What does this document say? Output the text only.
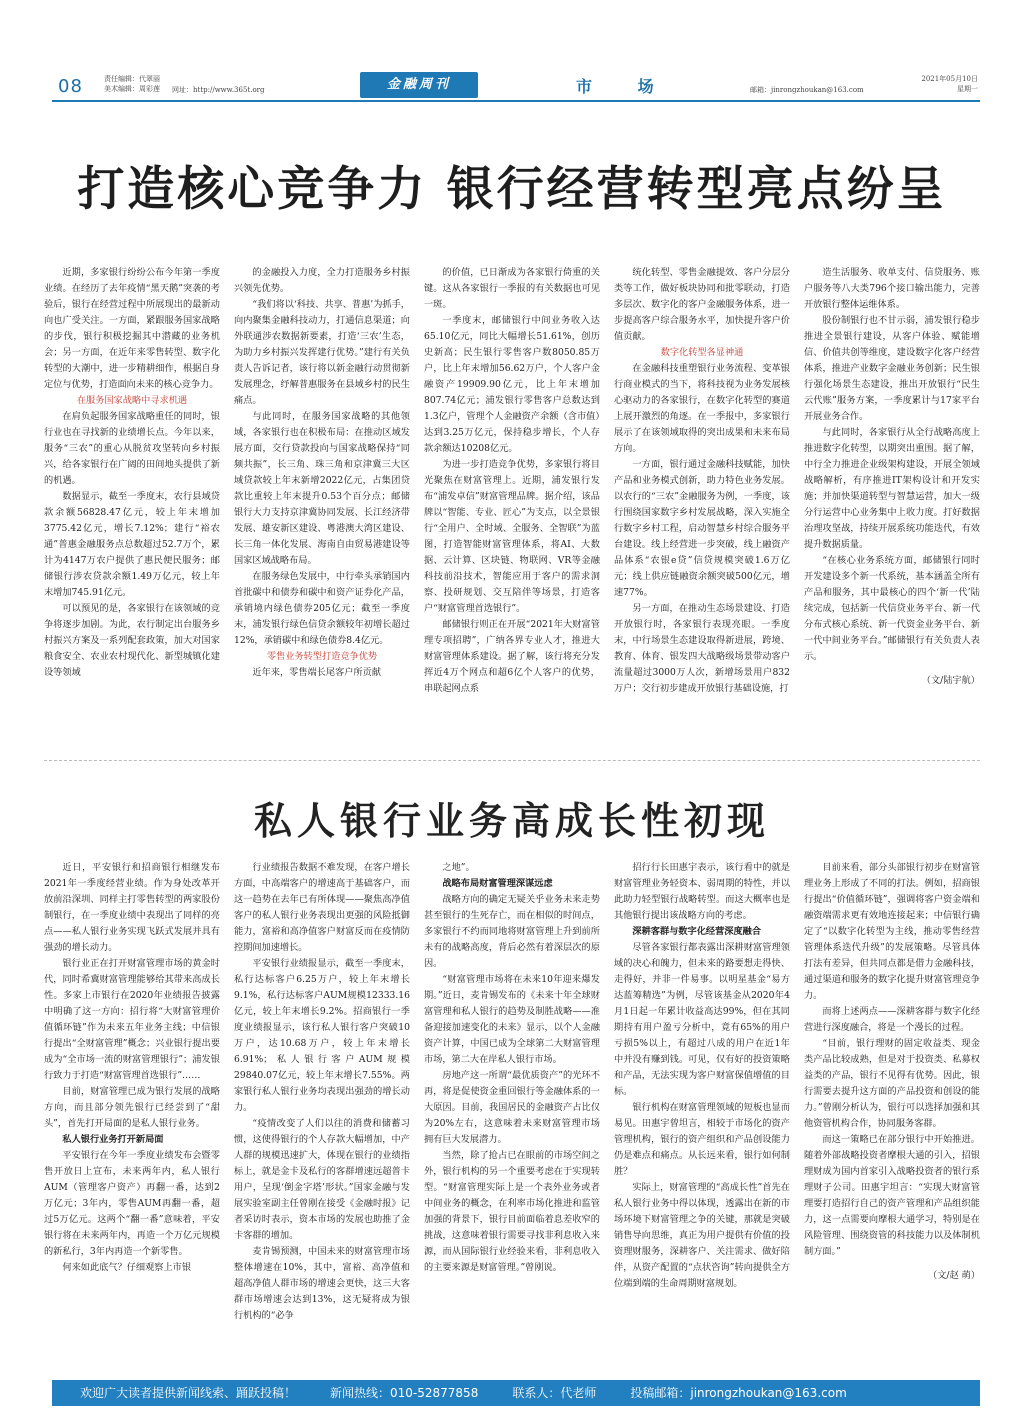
08	责任编辑：代翠丽
美术编辑：周彩莲 网址：http://www.365t.org	金融周刊	市 场	邮箱：jinrongzhoukan@163.com
2021年05月10日
星期一
打造核心竞争力 银行经营转型亮点纷呈

近期，多家银行纷纷公布今年第一季度业绩。在经历了去年疫情“黑天鹅”突袭的考验后，银行在经营过程中所展现出的最新动向也广受关注。一方面，紧跟服务国家战略的步伐，银行积极挖掘其中潜藏的业务机会；另一方面，在近年来零售转型、数字化转型的大潮中，进一步精耕细作，根据自身定位与优势，打造面向未来的核心竞争力。

在服务国家战略中寻求机遇

在肩负起服务国家战略重任的同时，银行业也在寻找新的业绩增长点。今年以来，服务“三农”的重心从脱贫攻坚转向乡村振兴，给各家银行在广阔的田间地头提供了新的机遇。

数据显示，截至一季度末，农行县域贷款余额56828.47亿元，较上年末增加3775.42亿元，增长7.12%；建行“裕农通”普惠金融服务点总数超过52.7万个，累计为4147万农户提供了惠民便民服务；邮储银行涉农贷款余额1.49万亿元，较上年末增加745.91亿元。

可以预见的是，各家银行在该领域的竞争将逐步加剧。为此，农行制定出台服务乡村振兴方案及一系列配套政策，加大对国家粮食安全、农业农村现代化、新型城镇化建设等领域

的金融投入力度，全力打造服务乡村振兴领先优势。

“我们将以‘科技、共享、普惠’为抓手，向内聚集金融科技动力，打通信息渠道；向外联通涉农数据新要素，打造‘三农’生态，为助力乡村振兴发挥建行优势。”建行有关负责人告诉记者，该行将以新金融行动贯彻新发展理念，纾解普惠服务在县域乡村的民生痛点。

与此同时，在服务国家战略的其他领域，各家银行也在积极布局：在推动区域发展方面，交行贷款投向与国家战略保持“同频共振”，长三角、珠三角和京津冀三大区域贷款较上年末新增2022亿元，占集团贷款比重较上年末提升0.53个百分点；邮储银行大力支持京津冀协同发展、长江经济带发展、雄安新区建设、粤港澳大湾区建设、长三角一体化发展、海南自由贸易港建设等国家区域战略布局。

在服务绿色发展中，中行牵头承销国内首批碳中和债券和碳中和资产证券化产品，承销境内绿色债券205亿元；截至一季度末，浦发银行绿色信贷余额较年初增长超过12%，承销碳中和绿色债券8.4亿元。

零售业务转型打造竞争优势

近年来，零售端长尾客户所贡献

的价值，已日渐成为各家银行倚重的关键。这从各家银行一季报的有关数据也可见一斑。

一季度末，邮储银行中间业务收入达65.10亿元，同比大幅增长51.61%，创历史新高；民生银行零售客户数8050.85万户，比上年末增加56.62万户，个人客户金融资产19909.90亿元，比上年末增加807.74亿元；浦发银行零售客户总数达到1.3亿户，管理个人金融资产余额（含市值）达到3.25万亿元，保持稳步增长，个人存款余额达10208亿元。

为进一步打造竞争优势，多家银行将目光聚焦在财富管理上。近期，浦发银行发布“浦发卓信”财富管理品牌。据介绍，该品牌以“智能、专业、匠心”为支点，以全景银行“全用户、全时域、全服务、全智联”为蓝图，打造智能财富管理体系，将AI、大数据、云计算、区块链、物联网、VR等金融科技前沿技术，智能应用于客户的需求洞察、投研规划、交互陪伴等场景，打造客户“财富管理首选银行”。

邮储银行则正在开展“2021年大财富管理专项招聘”，广纳各界专业人才，推进大财富管理体系建设。据了解，该行将充分发挥近4万个网点和超6亿个人客户的优势，串联起网点系

统化转型、零售金融提效、客户分层分类等工作，做好板块协同和批零联动，打造多层次、数字化的客户金融服务体系，进一步提高客户综合服务水平，加快提升客户价值贡献。

数字化转型各显神通

在金融科技重塑银行业务流程、变革银行商业模式的当下，将科技视为业务发展核心驱动力的各家银行，在数字化转型的赛道上展开激烈的角逐。在一季报中，多家银行展示了在该领域取得的突出成果和未来布局方向。

一方面，银行通过金融科技赋能，加快产品和业务模式创新，助力特色业务发展。以农行的“三农”金融服务为例，一季度，该行围绕国家数字乡村发展战略，深入实施全行数字乡村工程，启动智慧乡村综合服务平台建设。线上经营进一步突破，线上融资产品体系“农银e贷”信贷规模突破1.6万亿元；线上供应链融资余额突破500亿元，增速77%。

另一方面，在推动生态场景建设、打造开放银行时，各家银行表现亮眼。一季度末，中行场景生态建设取得新进展，跨境、教育、体育、银发四大战略级场景带动客户流量超过3000万人次，新增场景用户832万户；交行初步建成开放银行基础设施，打

造生活服务、收单支付、信贷服务、账户服务等八大类796个接口输出能力，完善开放银行整体运维体系。

股份制银行也不甘示弱，浦发银行稳步推进全景银行建设，从客户体验、赋能增信、价值共创等维度，建设数字化客户经营体系，推进产业数字金融业务创新；民生银行强化场景生态建设，推出开放银行“民生云代账”服务方案，一季度累计与17家平台开展业务合作。

与此同时，各家银行从全行战略高度上推进数字化转型，以期突出重围。据了解，中行全力推进企业级架构建设，开展全领域战略解析，有序推进IT架构设计和开发实施；并加快渠道转型与智慧运营，加大一级分行运营中心业务集中上收力度。打好数据治理攻坚战，持续开展系统功能迭代，有效提升数据质量。

“在核心业务系统方面，邮储银行同时开发建设多个新一代系统，基本涵盖全所有产品和服务，其中最核心的四个‘新一代’陆续完成，包括新一代信贷业务平台、新一代分布式核心系统、新一代资金业务平台、新一代中间业务平台。”邮储银行有关负责人表示。

（文/陆宇航）

私人银行业务高成长性初现

近日，平安银行和招商银行相继发布2021年一季度经营业绩。作为身处改革开放前沿深圳、同样主打零售转型的两家股份制银行，在一季度业绩中表现出了同样的亮点——私人银行业务实现飞跃式发展并具有强劲的增长动力。

银行业正在打开财富管理市场的黄金时代，同时希冀财富管理能够给其带来高成长性。多家上市银行在2020年业绩报告披露中明确了这一方向：招行将“大财富管理价值循环链”作为未来五年业务主线；中信银行提出“全财富管理”概念；兴业银行提出要成为“全市场一流的财富管理银行”；浦发银行致力于打造“财富管理首选银行”……

目前，财富管理已成为银行发展的战略方向，而且部分领先银行已经尝到了“甜头”，首先打开局面的是私人银行业务。

私人银行业务打开新局面

平安银行在今年一季度业绩发布会暨零售开放日上宣布，未来两年内，私人银行AUM（管理客户资产）再翻一番，达到2万亿元；3年内，零售AUM再翻一番，超过5万亿元。这两个“翻一番”意味着，平安银行将在未来两年内，再造一个万亿元规模的新私行，3年内再造一个新零售。

何来如此底气？仔细观察上市银

行业绩报告数据不难发现，在客户增长方面，中高端客户的增速高于基础客户，而这一趋势在去年已有所体现——聚焦高净值客户的私人银行业务表现出更强的风险抵御能力，富裕和高净值客户财富反而在疫情防控期间加速增长。

平安银行业绩报显示，截至一季度末，私行达标客户6.25万户，较上年末增长9.1%，私行达标客户AUM规模12333.16亿元，较上年末增长9.2%。招商银行一季度业绩报显示，该行私人银行客户突破10万户，达10.68万户，较上年末增长6.91%；私人银行客户AUM规模29840.07亿元，较上年末增长7.55%。两家银行私人银行业务均表现出强劲的增长动力。

“疫情改变了人们以往的消费和储蓄习惯，这使得银行的个人存款大幅增加，中产人群的规模迅速扩大，体现在银行的业绩指标上，就是金卡及私行的客群增速远超普卡用户，呈现‘倒金字塔’形状。”国家金融与发展实验室副主任曾刚在接受《金融时报》记者采访时表示，资本市场的发展也助推了金卡客群的增加。

麦肯锡预测，中国未来的财富管理市场整体增速在10%，其中，富裕、高净值和超高净值人群市场的增速会更快，这三大客群市场增速会达到13%，这无疑将成为银行机构的“必争

之地”。

战略布局财富管理深谋远虑

战略方向的确定无疑关乎业务未来走势甚至银行的生死存亡，而在相似的时间点，多家银行不约而同地将财富管理上升到前所未有的战略高度，背后必然有着深层次的原因。

“财富管理市场将在未来10年迎来爆发期。”近日，麦肯锡发布的《未来十年全球财富管理和私人银行的趋势及制胜战略——准备迎接加速变化的未来》显示，以个人金融资产计算，中国已成为全球第二大财富管理市场，第二大在岸私人银行市场。

房地产这一所谓“最优质资产”的光环不再，将是促使资金重回银行等金融体系的一大原因。目前，我国居民的金融资产占比仅为20%左右，这意味着未来财富管理市场拥有巨大发展潜力。

当然，除了抢占已在眼前的市场空间之外，银行机构的另一个重要考虑在于实现转型。“财富管理实际上是一个表外业务或者中间业务的概念，在利率市场化推进和监管加强的背景下，银行目前面临着息差收窄的挑战，这意味着银行需要寻找非利息收入来源，而从国际银行业经验来看，非利息收入的主要来源是财富管理。”曾刚说。

招行行长田惠宇表示，该行看中的就是财富管理业务轻资本、弱周期的特性，并以此助力轻型银行战略转型。而这大概率也是其他银行提出该战略方向的考虑。

深耕客群与数字化经营深度融合

尽管各家银行都表露出深耕财富管理领域的决心和魄力，但未来的路要想走得快、走得好，并非一件易事。以明星基金“易方达蓝筹精选”为例，尽管该基金从2020年4月1日起一年累计收益高达99%，但在其同期持有用户盈亏分析中，竟有65%的用户亏损5%以上，有超过八成的用户在近1年中并没有赚到钱。可见，仅有好的投资策略和产品，无法实现为客户财富保值增值的目标。

银行机构在财富管理领域的短板也显而易见。田惠宇曾坦言，相较于市场化的资产管理机构，银行的资产组织和产品创设能力仍是难点和痛点。从长远来看，银行如何制胜？

实际上，财富管理的“高成长性”首先在私人银行业务中得以体现，透露出在新的市场环境下财富管理之争的关键，那就是突破销售导向思维，真正为用户提供有价值的投资理财服务，深耕客户、关注需求、做好陪伴，从资产配置的“点状咨询”转向提供全方位端到端的生命周期财富规划。

目前来看，部分头部银行初步在财富管理业务上形成了不同的打法。例如，招商银行提出“价值循环链”，强调将客户资金端和融资端需求更有效地连接起来；中信银行确定了“以数字化转型为主线，推动零售经营管理体系迭代升级”的发展策略。尽管具体打法有差异，但共同点都是借力金融科技，通过渠道和服务的数字化提升财富管理竞争力。

而将上述两点——深耕客群与数字化经营进行深度融合，将是一个漫长的过程。

“目前，银行理财的固定收益类、现金类产品比较成熟，但是对于投资类、私募权益类的产品，银行不见得有优势。因此，银行需要去提升这方面的产品投资和创设的能力。”曾刚分析认为，银行可以选择加强和其他资管机构合作，协同服务客群。

而这一策略已在部分银行中开始推进。随着外部战略投资者摩根大通的引入，招银理财成为国内首家引入战略投资者的银行系理财子公司。田惠宇坦言：“实现大财富管理要打造招行自己的资产管理和产品组织能力，这一点需要向摩根大通学习，特别是在风险管理、围绕资管的科技能力以及体制机制方面。”

（文/赵 萌）

欢迎广大读者提供新闻线索、踊跃投稿！	新闻热线：010-52877858	联系人：代老师	投稿邮箱：jinrongzhoukan@163.com
